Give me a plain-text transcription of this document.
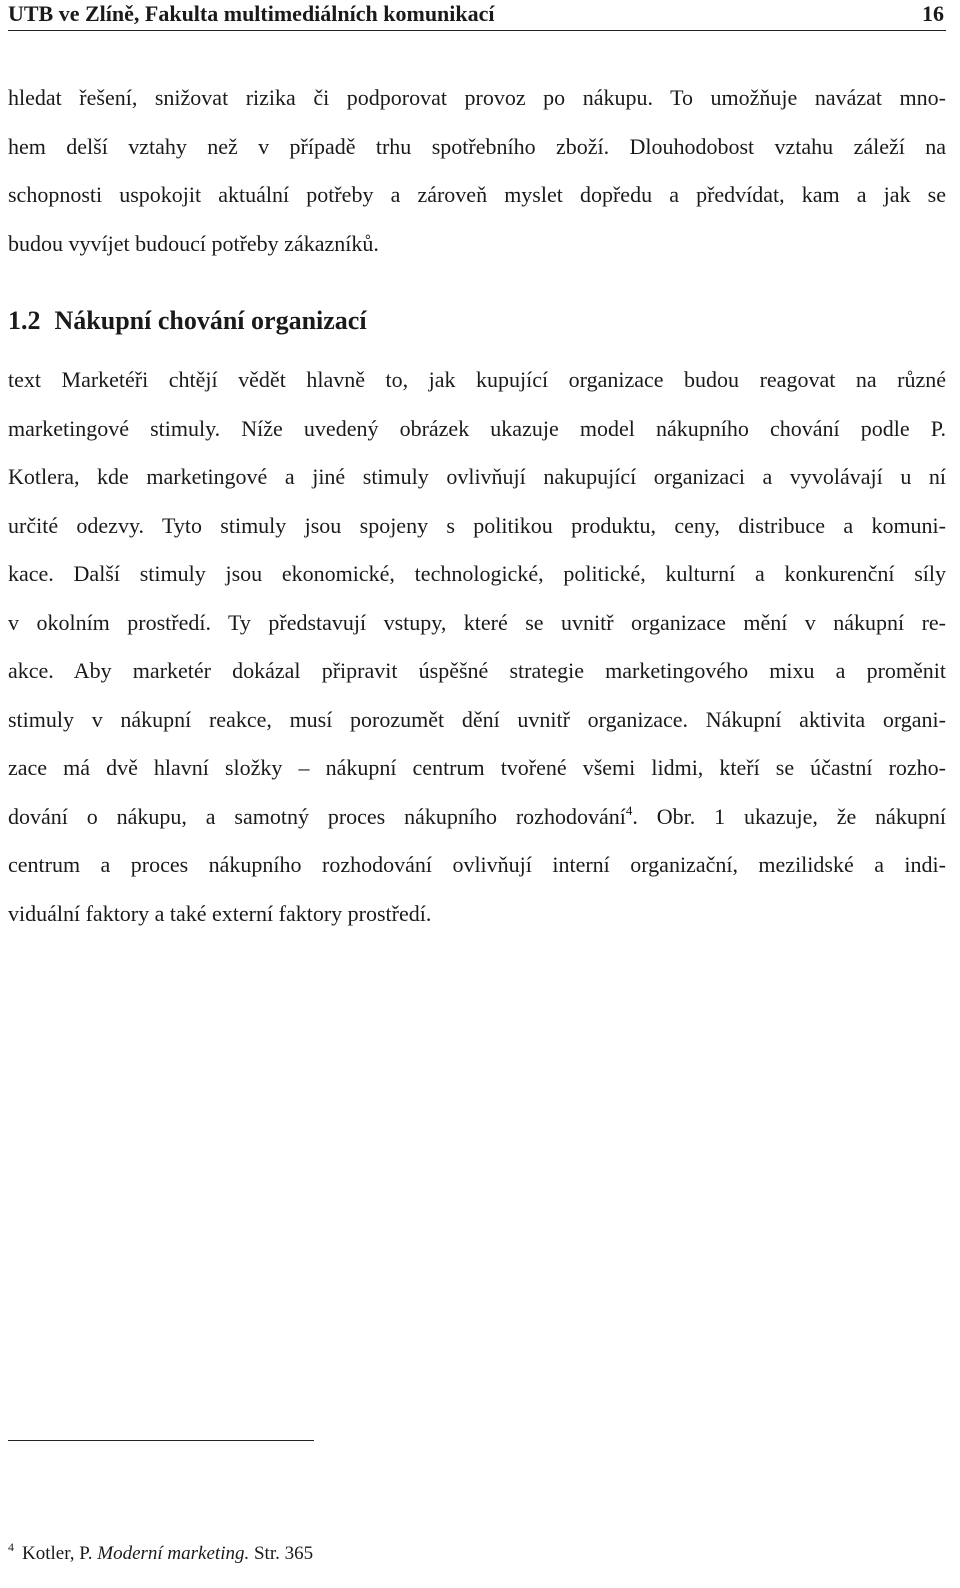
UTB ve Zlíně, Fakulta multimediálních komunikací	16

hledat řešení, snižovat rizika či podporovat provoz po nákupu. To umožňuje navázat mno-
hem delší vztahy než v případě trhu spotřebního zboží. Dlouhodobost vztahu záleží na
schopnosti uspokojit aktuální potřeby a zároveň myslet dopředu a předvídat, kam a jak se
budou vyvíjet budoucí potřeby zákazníků.

1.2 Nákupní chování organizací

text Marketéři chtějí vědět hlavně to, jak kupující organizace budou reagovat na různé
marketingové stimuly. Níže uvedený obrázek ukazuje model nákupního chování podle P.
Kotlera, kde marketingové a jiné stimuly ovlivňují nakupující organizaci a vyvolávají u ní
určité odezvy. Tyto stimuly jsou spojeny s politikou produktu, ceny, distribuce a komuni-
kace. Další stimuly jsou ekonomické, technologické, politické, kulturní a konkurenční síly
v okolním prostředí. Ty představují vstupy, které se uvnitř organizace mění v nákupní re-
akce. Aby marketér dokázal připravit úspěšné strategie marketingového mixu a proměnit
stimuly v nákupní reakce, musí porozumět dění uvnitř organizace. Nákupní aktivita organi-
zace má dvě hlavní složky – nákupní centrum tvořené všemi lidmi, kteří se účastní rozho-
dování o nákupu, a samotný proces nákupního rozhodování$^4$. Obr. 1 ukazuje, že nákupní
centrum a proces nákupního rozhodování ovlivňují interní organizační, mezilidské a indi-
viduální faktory a také externí faktory prostředí.

$^4$ Kotler, P. Moderní marketing. Str. 365
